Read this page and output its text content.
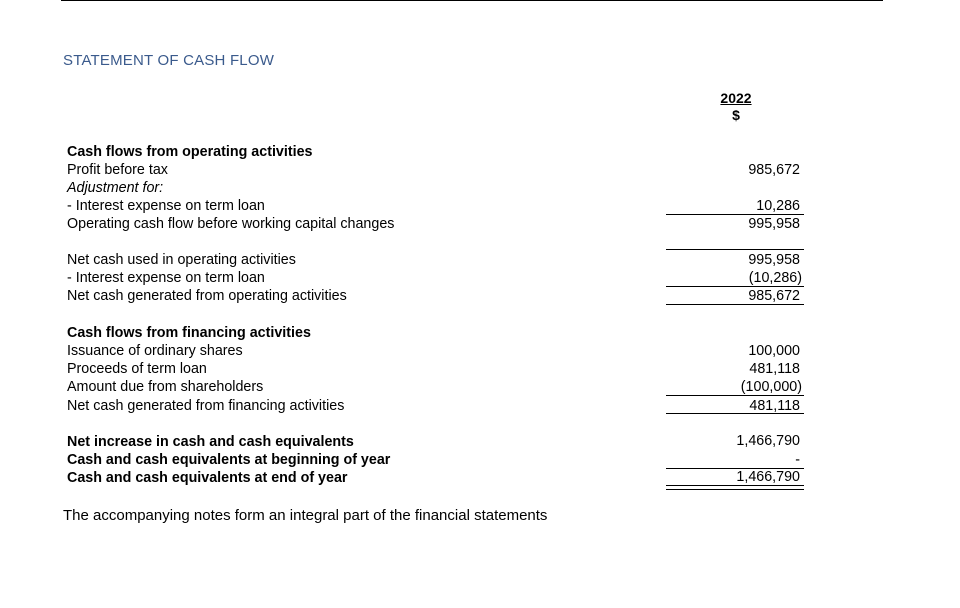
STATEMENT OF CASH FLOW
2022
$
Cash flows from operating activities
Profit before tax	985,672
Adjustment for:
- Interest expense on term loan	10,286
Operating cash flow before working capital changes	995,958
Net cash used in operating activities	995,958
- Interest expense on term loan	(10,286)
Net cash generated from operating activities	985,672
Cash flows from financing activities
Issuance of ordinary shares	100,000
Proceeds of term loan	481,118
Amount due from shareholders	(100,000)
Net cash generated from financing activities	481,118
Net increase in cash and cash equivalents	1,466,790
Cash and cash equivalents at beginning of year	-
Cash and cash equivalents at end of year	1,466,790
The accompanying notes form an integral part of the financial statements
